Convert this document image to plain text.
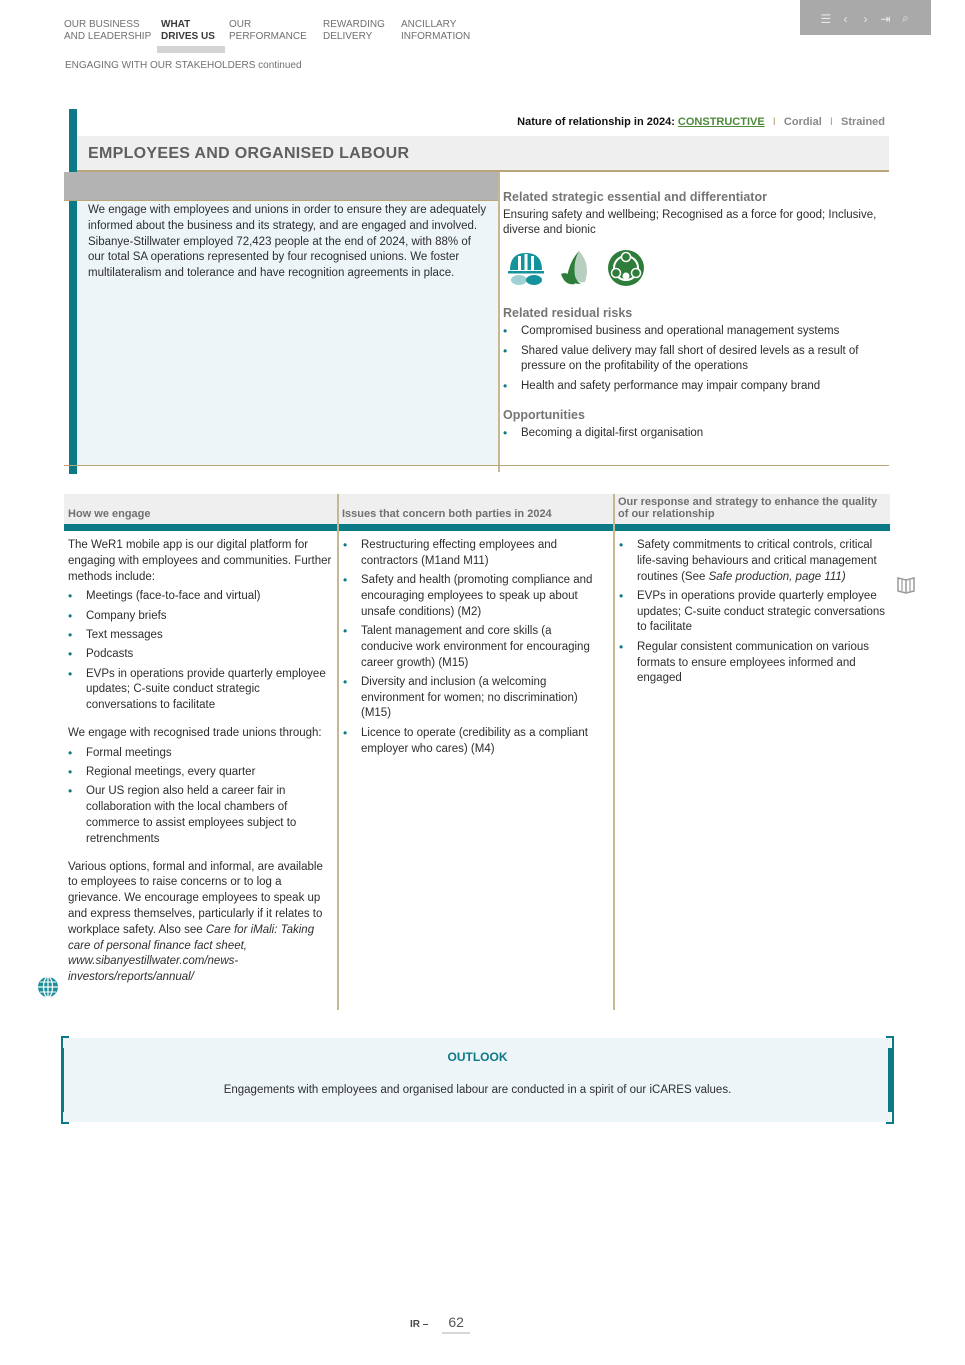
OUR BUSINESS
AND LEADERSHIP
WHAT
DRIVES US
OUR
PERFORMANCE
REWARDING
DELIVERY
ANCILLARY
INFORMATION
☰ ‹ › ⇥ ⌕
ENGAGING WITH OUR STAKEHOLDERS continued
Nature of relationship in 2024: CONSTRUCTIVE I Cordial I Strained
EMPLOYEES AND ORGANISED LABOUR

We engage with employees and unions in order to ensure they are adequately informed about the business and its strategy, and are engaged and involved. Sibanye-Stillwater employed 72,423 people at the end of 2024, with 88% of our total SA operations represented by four recognised unions. We foster multilateralism and tolerance and have recognition agreements in place.

Related strategic essential and differentiator

Ensuring safety and wellbeing; Recognised as a force for good; Inclusive, diverse and bionic

Related residual risks
• Compromised business and operational management systems
• Shared value delivery may fall short of desired levels as a result of pressure on the profitability of the operations
• Health and safety performance may impair company brand
Opportunities
• Becoming a digital-first organisation
How we engage	Issues that concern both parties in 2024
Our response and strategy to enhance the quality of our relationship

The WeR1 mobile app is our digital platform for engaging with employees and communities. Further methods include:

• Meetings (face-to-face and virtual)
• Company briefs
• Text messages
• Podcasts
• EVPs in operations provide quarterly employee updates; C-suite conduct strategic conversations to facilitate

We engage with recognised trade unions through:

• Formal meetings
• Regional meetings, every quarter
• Our US region also held a career fair in collaboration with the local chambers of commerce to assist employees subject to retrenchments

Various options, formal and informal, are available to employees to raise concerns or to log a grievance. We encourage employees to speak up and express themselves, particularly if it relates to workplace safety. Also see Care for iMali: Taking care of personal finance fact sheet, www.sibanyestillwater.com/news-investors/reports/annual/

• Restructuring effecting employees and contractors (M1and M11)
• Safety and health (promoting compliance and encouraging employees to speak up about unsafe conditions) (M2)
• Talent management and core skills (a conducive work environment for encouraging career growth) (M15)
• Diversity and inclusion (a welcoming environment for women; no discrimination) (M15)
• Licence to operate (credibility as a compliant employer who cares) (M4)
• Safety commitments to critical controls, critical life-saving behaviours and critical management routines (See Safe production, page 111)
• EVPs in operations provide quarterly employee updates; C-suite conduct strategic conversations to facilitate
• Regular consistent communication on various formats to ensure employees informed and engaged
OUTLOOK

Engagements with employees and organised labour are conducted in a spirit of our iCARES values.

IR –	62
